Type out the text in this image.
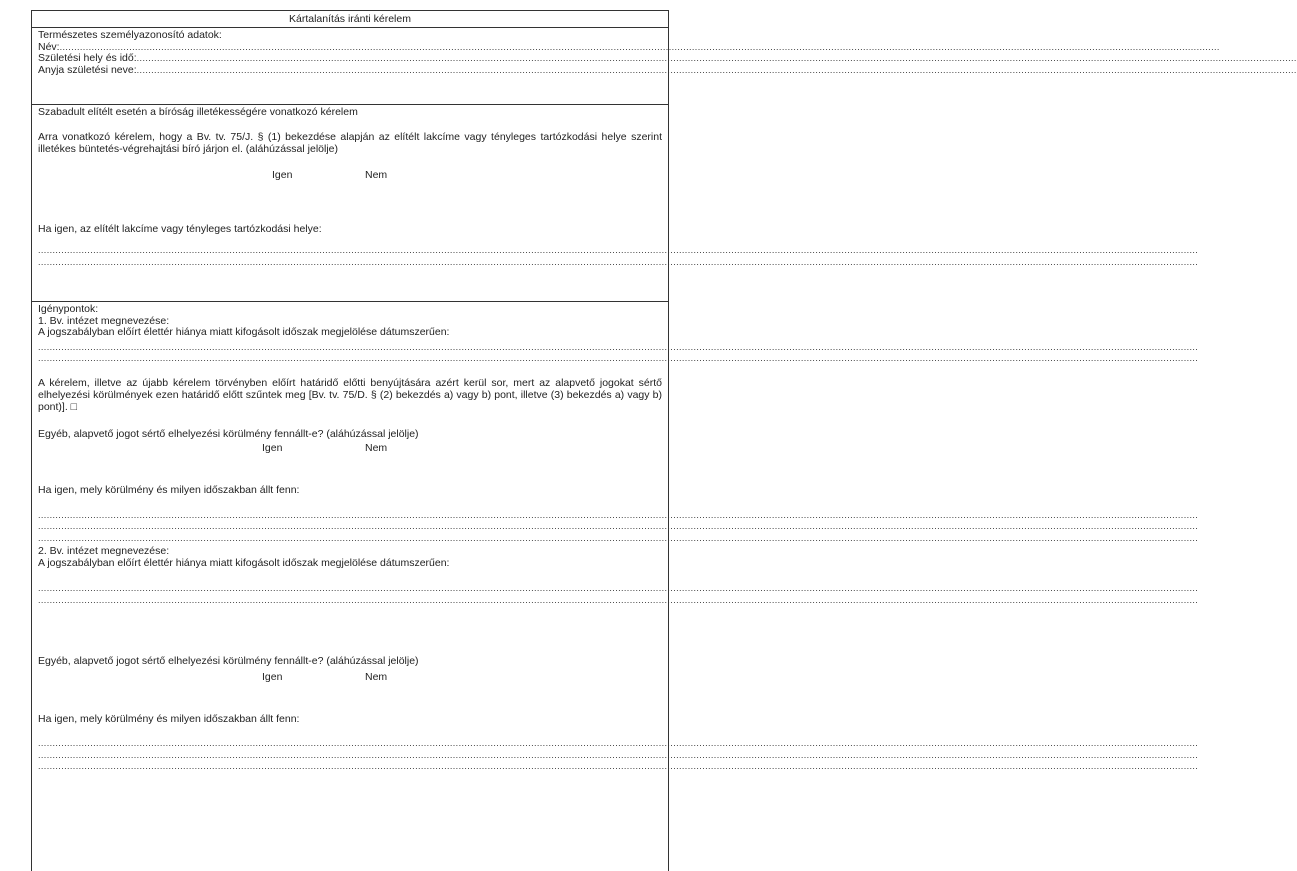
Kártalanítás iránti kérelem
Természetes személyazonosító adatok:
Név: ................................................................................................................................................................................................................................................................................................................................................................................................................
Születési hely és idő: ................................................................................................................................................................................................................................................................................................................................................................................................................
Anyja születési neve: ................................................................................................................................................................................................................................................................................................................................................................................................................
Szabadult elítélt esetén a bíróság illetékességére vonatkozó kérelem
Arra vonatkozó kérelem, hogy a Bv. tv. 75/J. § (1) bekezdése alapján az elítélt lakcíme vagy tényleges tartózkodási helye szerint illetékes büntetés-végrehajtási bíró járjon el. (aláhúzással jelölje)
Igen	Nem
Ha igen, az elítélt lakcíme vagy tényleges tartózkodási helye:
................................................................................................................................................................................................................................................................................................................................................................................................................
................................................................................................................................................................................................................................................................................................................................................................................................................
Igénypontok:
1. Bv. intézet megnevezése:
A jogszabályban előírt élettér hiánya miatt kifogásolt időszak megjelölése dátumszerűen:
................................................................................................................................................................................................................................................................................................................................................................................................................
................................................................................................................................................................................................................................................................................................................................................................................................................
A kérelem, illetve az újabb kérelem törvényben előírt határidő előtti benyújtására azért kerül sor, mert az alapvető jogokat sértő elhelyezési körülmények ezen határidő előtt szűntek meg [Bv. tv. 75/D. § (2) bekezdés a) vagy b) pont, illetve (3) bekezdés a) vagy b) pont)]. □
Egyéb, alapvető jogot sértő elhelyezési körülmény fennállt-e? (aláhúzással jelölje)
Igen	Nem
Ha igen, mely körülmény és milyen időszakban állt fenn:
................................................................................................................................................................................................................................................................................................................................................................................................................
................................................................................................................................................................................................................................................................................................................................................................................................................
................................................................................................................................................................................................................................................................................................................................................................................................................
2. Bv. intézet megnevezése:
A jogszabályban előírt élettér hiánya miatt kifogásolt időszak megjelölése dátumszerűen:
................................................................................................................................................................................................................................................................................................................................................................................................................
................................................................................................................................................................................................................................................................................................................................................................................................................
Egyéb, alapvető jogot sértő elhelyezési körülmény fennállt-e? (aláhúzással jelölje)
Igen	Nem
Ha igen, mely körülmény és milyen időszakban állt fenn:
................................................................................................................................................................................................................................................................................................................................................................................................................
................................................................................................................................................................................................................................................................................................................................................................................................................
................................................................................................................................................................................................................................................................................................................................................................................................................
